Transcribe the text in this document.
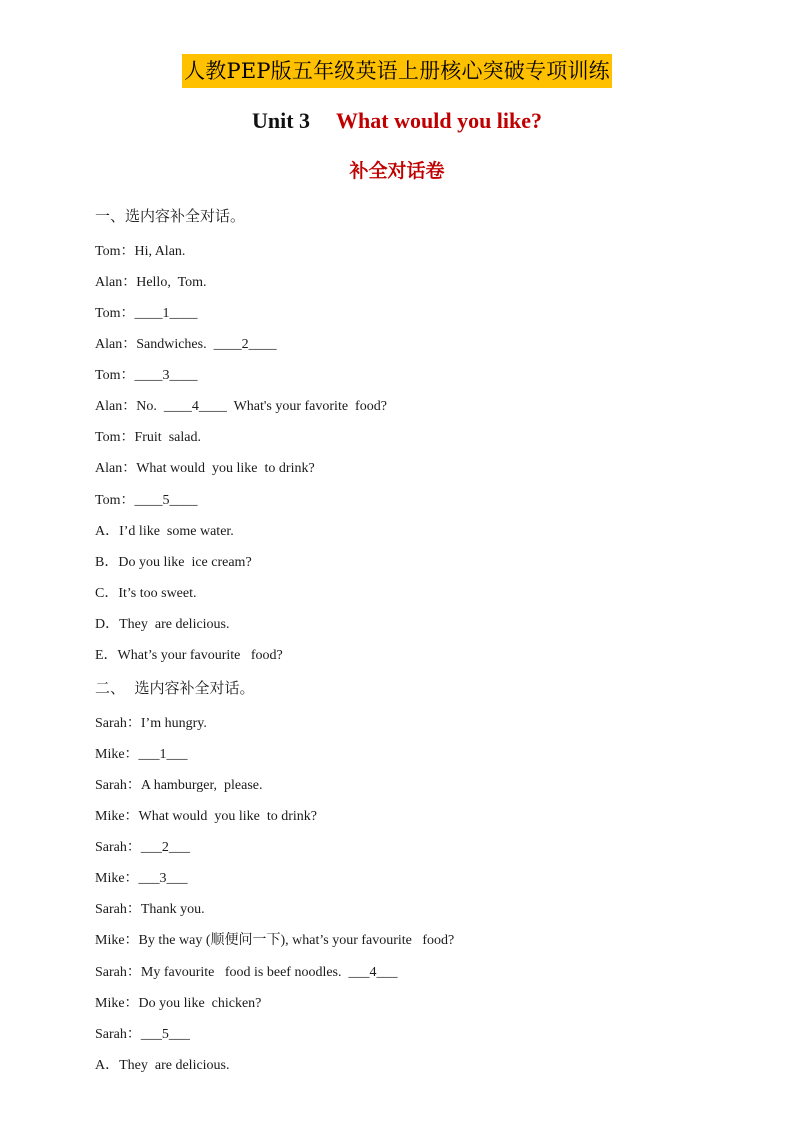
人教PEP版五年级英语上册核心突破专项训练
Unit 3 What would you like?
补全对话卷
一、选内容补全对话。
Tom：Hi, Alan.
Alan：Hello,  Tom.
Tom：____1____
Alan：Sandwiches.  ____2____
Tom：____3____
Alan：No.  ____4____  What's your favorite  food?
Tom：Fruit  salad.
Alan：What would  you like  to drink?
Tom：____5____
A．I’d like  some water.
B．Do you like  ice cream?
C．It’s too sweet.
D．They  are delicious.
E．What’s your favourite   food?
二、  选内容补全对话。
Sarah：I’m hungry.
Mike：___1___
Sarah：A hamburger,  please.
Mike：What would  you like  to drink?
Sarah：___2___
Mike：___3___
Sarah：Thank you.
Mike：By the way (顺便问一下), what’s your favourite   food?
Sarah：My favourite   food is beef noodles.  ___4___
Mike：Do you like  chicken?
Sarah：___5___
A．They  are delicious.
